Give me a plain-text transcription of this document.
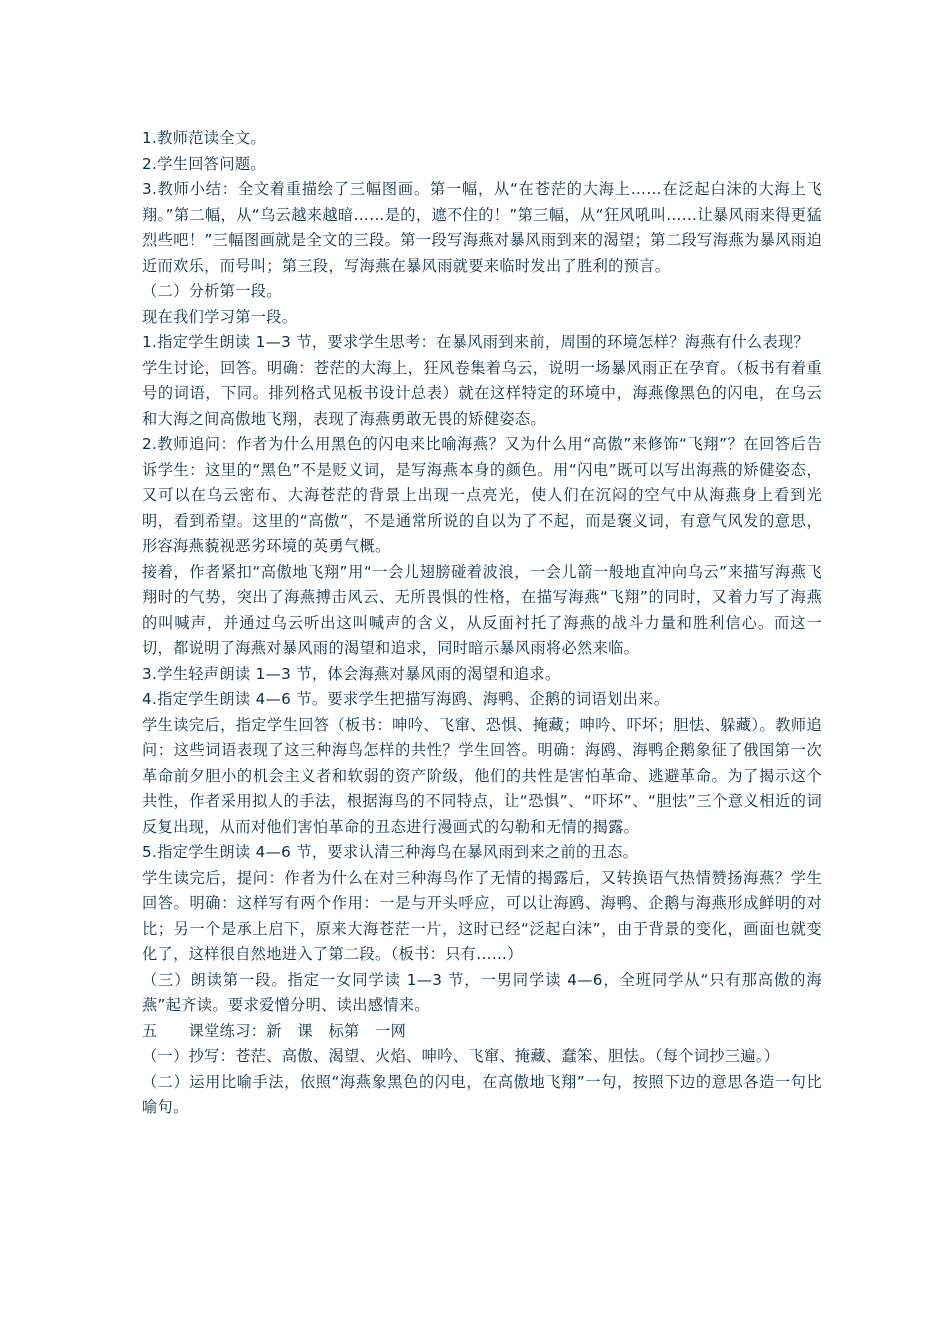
1.教师范读全文。

2.学生回答问题。

3.教师小结：全文着重描绘了三幅图画。第一幅，从“在苍茫的大海上……在泛起白沫的大海上飞翔。”第二幅，从“乌云越来越暗……是的，遮不住的！”第三幅，从“狂风吼叫……让暴风雨来得更猛烈些吧！”三幅图画就是全文的三段。第一段写海燕对暴风雨到来的渴望；第二段写海燕为暴风雨迫近而欢乐，而号叫；第三段，写海燕在暴风雨就要来临时发出了胜利的预言。

（二）分析第一段。

现在我们学习第一段。

1.指定学生朗读 1—3 节，要求学生思考：在暴风雨到来前，周围的环境怎样？海燕有什么表现？

学生讨论，回答。明确：苍茫的大海上，狂风卷集着乌云，说明一场暴风雨正在孕育。（板书有着重号的词语，下同。排列格式见板书设计总表）就在这样特定的环境中，海燕像黑色的闪电，在乌云和大海之间高傲地飞翔，表现了海燕勇敢无畏的矫健姿态。

2.教师追问：作者为什么用黑色的闪电来比喻海燕？又为什么用“高傲”来修饰“飞翔”？在回答后告诉学生：这里的“黑色”不是贬义词，是写海燕本身的颜色。用“闪电”既可以写出海燕的矫健姿态，又可以在乌云密布、大海苍茫的背景上出现一点亮光，使人们在沉闷的空气中从海燕身上看到光明，看到希望。这里的“高傲”，不是通常所说的自以为了不起，而是褒义词，有意气风发的意思，形容海燕藐视恶劣环境的英勇气概。

接着，作者紧扣“高傲地飞翔”用“一会儿翅膀碰着波浪，一会儿箭一般地直冲向乌云”来描写海燕飞翔时的气势，突出了海燕搏击风云、无所畏惧的性格，在描写海燕“飞翔”的同时，又着力写了海燕的叫喊声，并通过乌云听出这叫喊声的含义，从反面衬托了海燕的战斗力量和胜利信心。而这一切，都说明了海燕对暴风雨的渴望和追求，同时暗示暴风雨将必然来临。

3.学生轻声朗读 1—3 节，体会海燕对暴风雨的渴望和追求。

4.指定学生朗读 4—6 节。要求学生把描写海鸥、海鸭、企鹅的词语划出来。

学生读完后，指定学生回答（板书：呻吟、飞窜、恐惧、掩藏；呻吟、吓坏；胆怯、躲藏）。教师追问：这些词语表现了这三种海鸟怎样的共性？学生回答。明确：海鸥、海鸭企鹅象征了俄国第一次革命前夕胆小的机会主义者和软弱的资产阶级，他们的共性是害怕革命、逃避革命。为了揭示这个共性，作者采用拟人的手法，根据海鸟的不同特点，让“恐惧”、“吓坏”、“胆怯”三个意义相近的词反复出现，从而对他们害怕革命的丑态进行漫画式的勾勒和无情的揭露。

5.指定学生朗读 4—6 节，要求认清三种海鸟在暴风雨到来之前的丑态。

学生读完后，提问：作者为什么在对三种海鸟作了无情的揭露后，又转换语气热情赞扬海燕？学生回答。明确：这样写有两个作用：一是与开头呼应，可以让海鸥、海鸭、企鹅与海燕形成鲜明的对比；另一个是承上启下，原来大海苍茫一片，这时已经“泛起白沫”，由于背景的变化，画面也就变化了，这样很自然地进入了第二段。（板书：只有……）

（三）朗读第一段。指定一女同学读 1—3 节，一男同学读 4—6，全班同学从“只有那高傲的海燕”起齐读。要求爱憎分明、读出感情来。

五　　课堂练习：新　课　标第　一网

（一）抄写：苍茫、高傲、渴望、火焰、呻吟、飞窜、掩藏、蠢笨、胆怯。（每个词抄三遍。）

（二）运用比喻手法，依照“海燕象黑色的闪电，在高傲地飞翔”一句，按照下边的意思各造一句比喻句。
